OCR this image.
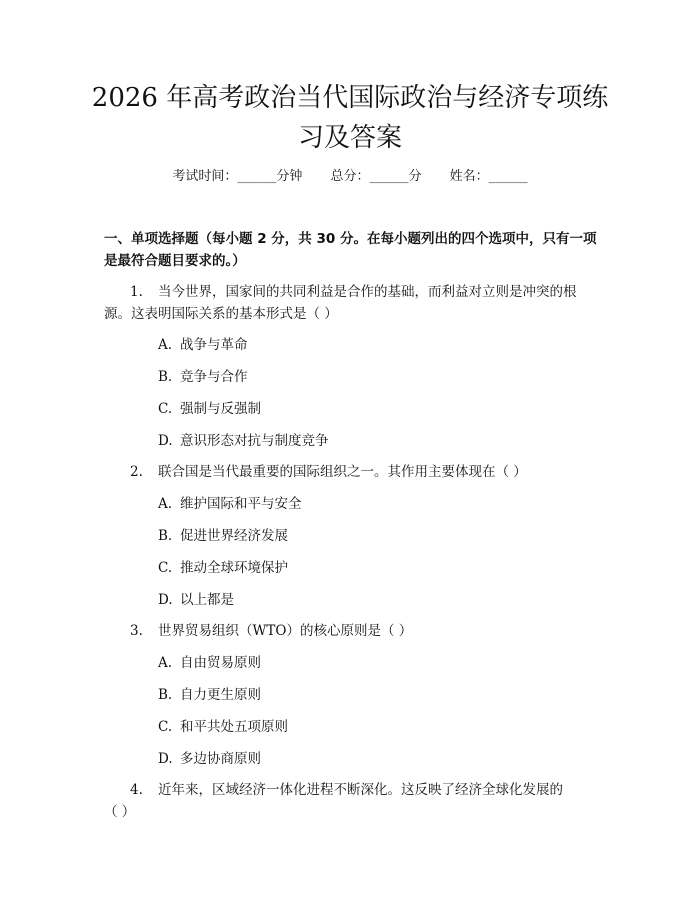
2026 年高考政治当代国际政治与经济专项练
习及答案
考试时间：______分钟 总分：______分 姓名：______

一、单项选择题（每小题 2 分，共 30 分。在每小题列出的四个选项中，只有一项

是最符合题目要求的。）

1. 当今世界，国家间的共同利益是合作的基础，而利益对立则是冲突的根
源。这表明国际关系的基本形式是（ ）
A. 战争与革命
B. 竞争与合作
C. 强制与反强制
D. 意识形态对抗与制度竞争
2. 联合国是当代最重要的国际组织之一。其作用主要体现在（ ）
A. 维护国际和平与安全
B. 促进世界经济发展
C. 推动全球环境保护
D. 以上都是
3. 世界贸易组织（WTO）的核心原则是（ ）
A. 自由贸易原则
B. 自力更生原则
C. 和平共处五项原则
D. 多边协商原则
4. 近年来，区域经济一体化进程不断深化。这反映了经济全球化发展的
（ ）
